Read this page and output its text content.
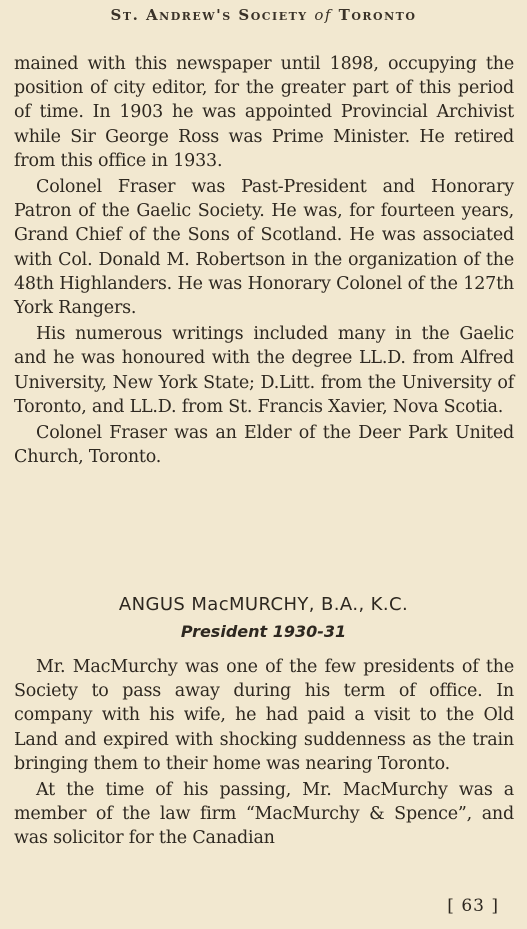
St. Andrew's Society of Toronto

mained with this newspaper until 1898, occupying the position of city editor, for the greater part of this period of time. In 1903 he was appointed Provincial Archivist while Sir George Ross was Prime Minister. He retired from this office in 1933.

Colonel Fraser was Past-President and Honorary Patron of the Gaelic Society. He was, for fourteen years, Grand Chief of the Sons of Scotland. He was associated with Col. Donald M. Robertson in the organization of the 48th Highlanders. He was Honorary Colonel of the 127th York Rangers.

His numerous writings included many in the Gaelic and he was honoured with the degree LL.D. from Alfred University, New York State; D.Litt. from the University of Toronto, and LL.D. from St. Francis Xavier, Nova Scotia.

Colonel Fraser was an Elder of the Deer Park United Church, Toronto.

ANGUS MacMURCHY, B.A., K.C.
President 1930-31

Mr. MacMurchy was one of the few presidents of the Society to pass away during his term of office. In company with his wife, he had paid a visit to the Old Land and expired with shocking suddenness as the train bringing them to their home was nearing Toronto.

At the time of his passing, Mr. MacMurchy was a member of the law firm “MacMurchy & Spence”, and was solicitor for the Canadian

[ 63 ]
